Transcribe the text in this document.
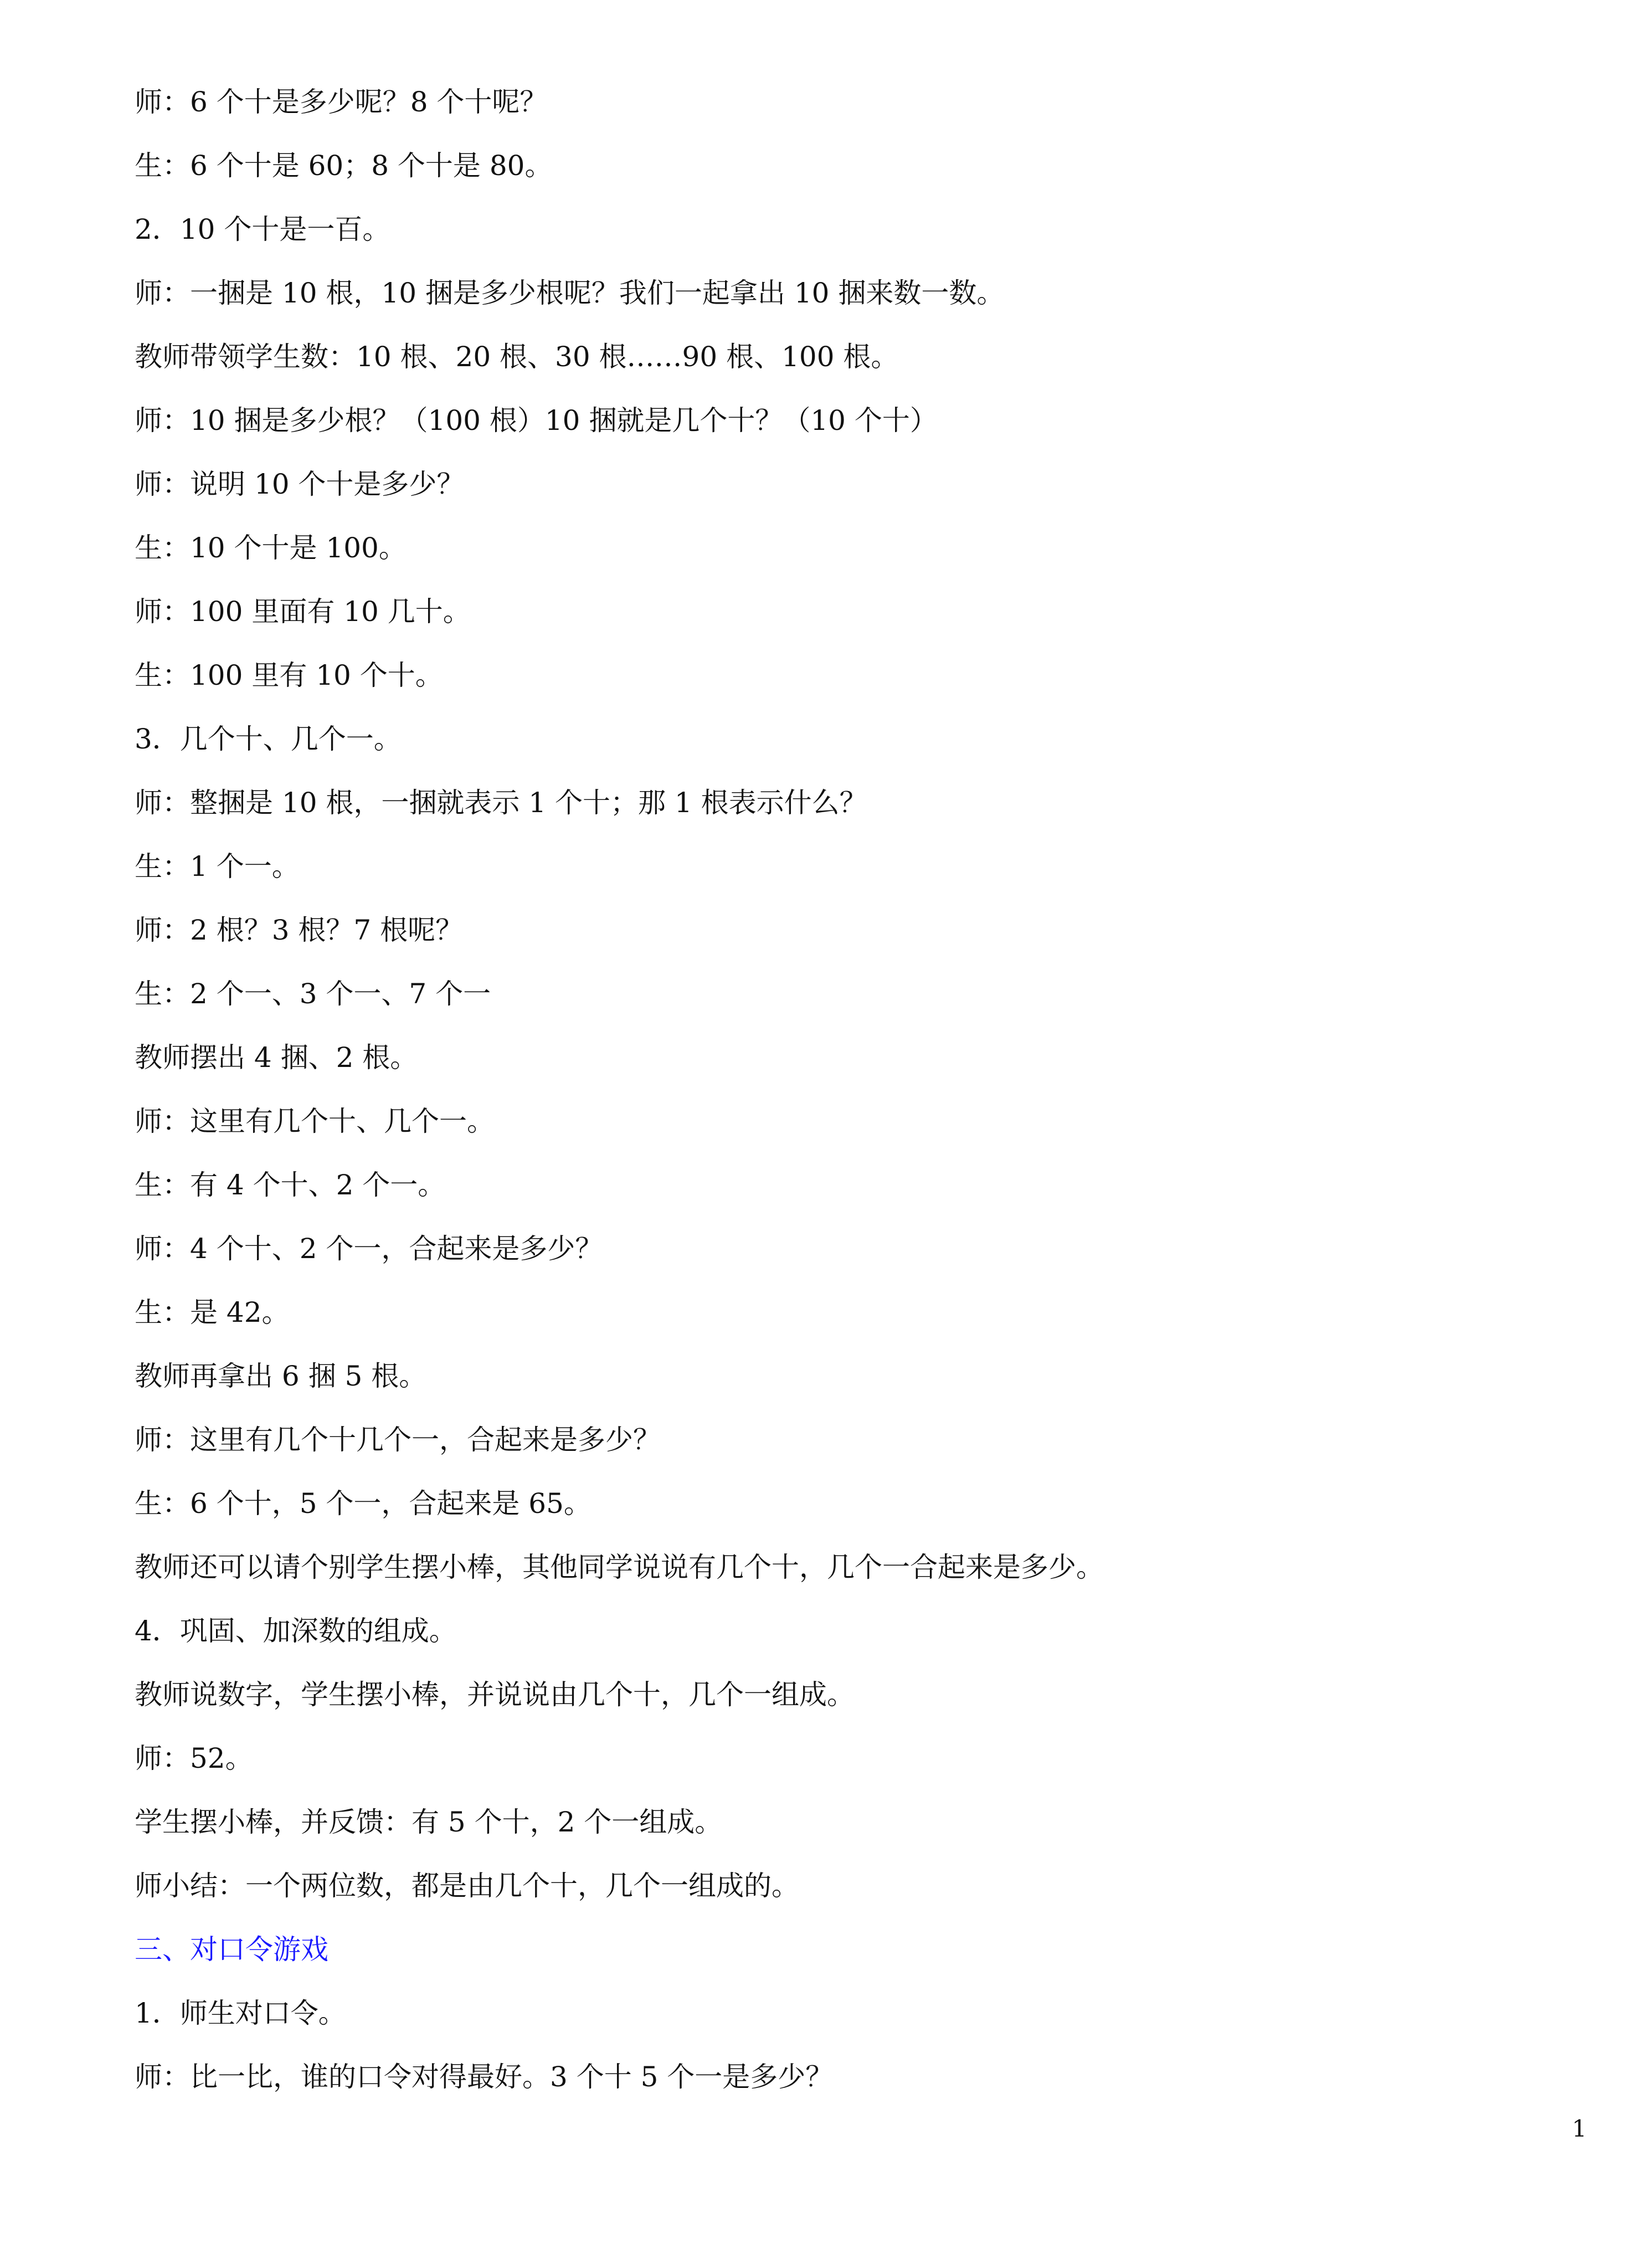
师：6 个十是多少呢？8 个十呢？
生：6 个十是 60；8 个十是 80。
2．10 个十是一百。
师：一捆是 10 根，10 捆是多少根呢？我们一起拿出 10 捆来数一数。
教师带领学生数：10 根、20 根、30 根……90 根、100 根。
师：10 捆是多少根？（100 根）10 捆就是几个十？（10 个十）
师：说明 10 个十是多少？
生：10 个十是 100。
师：100 里面有 10 几十。
生：100 里有 10 个十。
3．几个十、几个一。
师：整捆是 10 根，一捆就表示 1 个十；那 1 根表示什么？
生：1 个一。
师：2 根？3 根？7 根呢？
生：2 个一、3 个一、7 个一
教师摆出 4 捆、2 根。
师：这里有几个十、几个一。
生：有 4 个十、2 个一。
师：4 个十、2 个一，合起来是多少？
生：是 42。
教师再拿出 6 捆 5 根。
师：这里有几个十几个一，合起来是多少？
生：6 个十，5 个一，合起来是 65。
教师还可以请个别学生摆小棒，其他同学说说有几个十，几个一合起来是多少。
4．巩固、加深数的组成。
教师说数字，学生摆小棒，并说说由几个十，几个一组成。
师：52。
学生摆小棒，并反馈：有 5 个十，2 个一组成。
师小结：一个两位数，都是由几个十，几个一组成的。
三、对口令游戏
1．师生对口令。
师：比一比，谁的口令对得最好。3 个十 5 个一是多少？
1
